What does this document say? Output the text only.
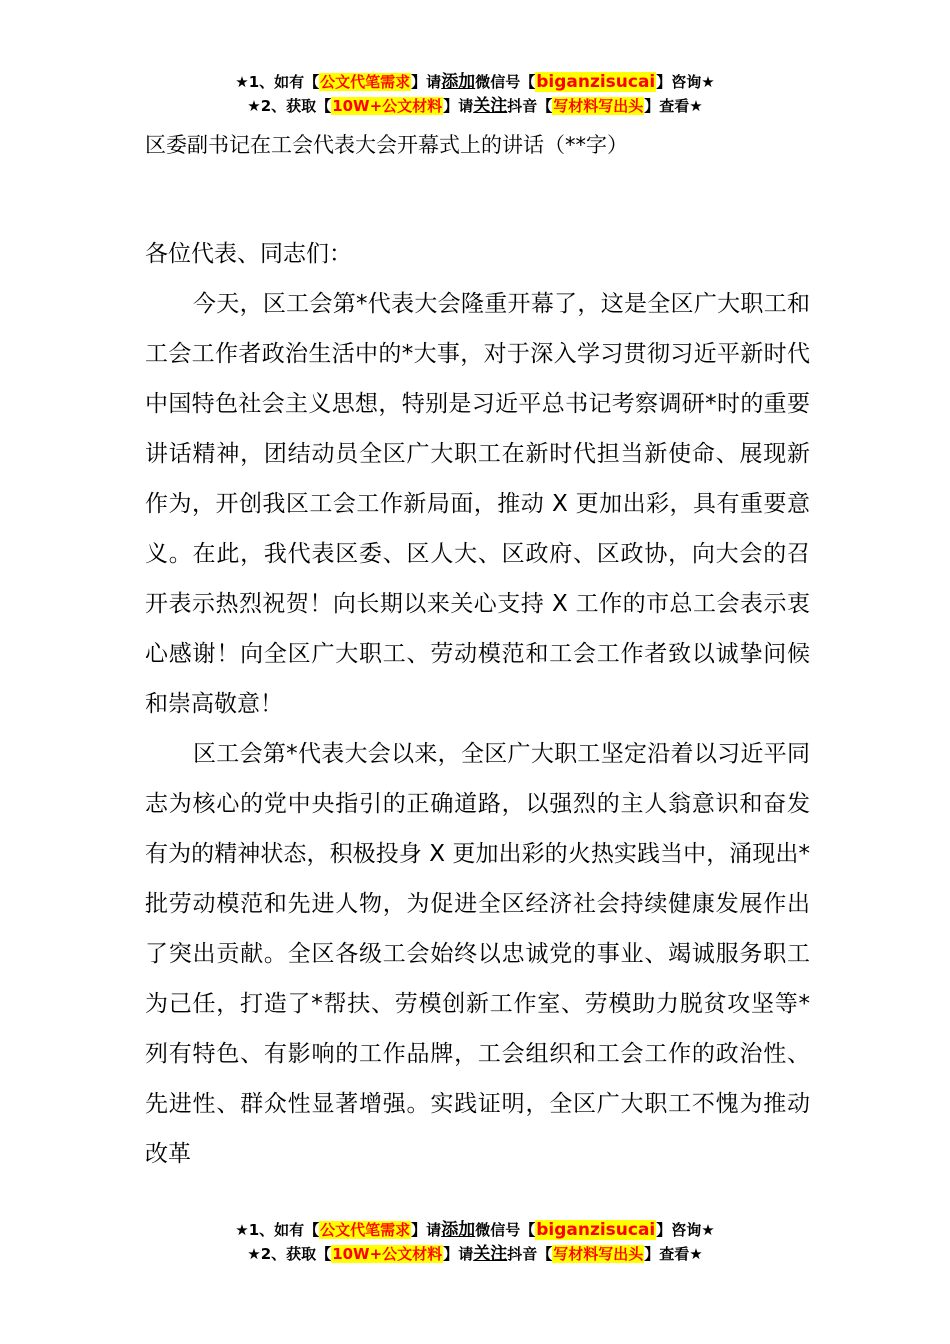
★1、如有【公文代笔需求】请添加微信号【biganzisucai】咨询★
★2、获取【10W+公文材料】请关注抖音【写材料写出头】查看★
区委副书记在工会代表大会开幕式上的讲话（**字）

各位代表、同志们：

今天，区工会第*代表大会隆重开幕了，这是全区广大职工和工会工作者政治生活中的*大事，对于深入学习贯彻习近平新时代中国特色社会主义思想，特别是习近平总书记考察调研*时的重要讲话精神，团结动员全区广大职工在新时代担当新使命、展现新作为，开创我区工会工作新局面，推动 X 更加出彩，具有重要意义。在此，我代表区委、区人大、区政府、区政协，向大会的召开表示热烈祝贺！向长期以来关心支持 X 工作的市总工会表示衷心感谢！向全区广大职工、劳动模范和工会工作者致以诚挚问候和崇高敬意！

区工会第*代表大会以来，全区广大职工坚定沿着以习近平同志为核心的党中央指引的正确道路，以强烈的主人翁意识和奋发有为的精神状态，积极投身 X 更加出彩的火热实践当中，涌现出*批劳动模范和先进人物，为促进全区经济社会持续健康发展作出了突出贡献。全区各级工会始终以忠诚党的事业、竭诚服务职工为己任，打造了*帮扶、劳模创新工作室、劳模助力脱贫攻坚等*列有特色、有影响的工作品牌，工会组织和工会工作的政治性、先进性、群众性显著增强。实践证明，全区广大职工不愧为推动改革

★1、如有【公文代笔需求】请添加微信号【biganzisucai】咨询★
★2、获取【10W+公文材料】请关注抖音【写材料写出头】查看★
